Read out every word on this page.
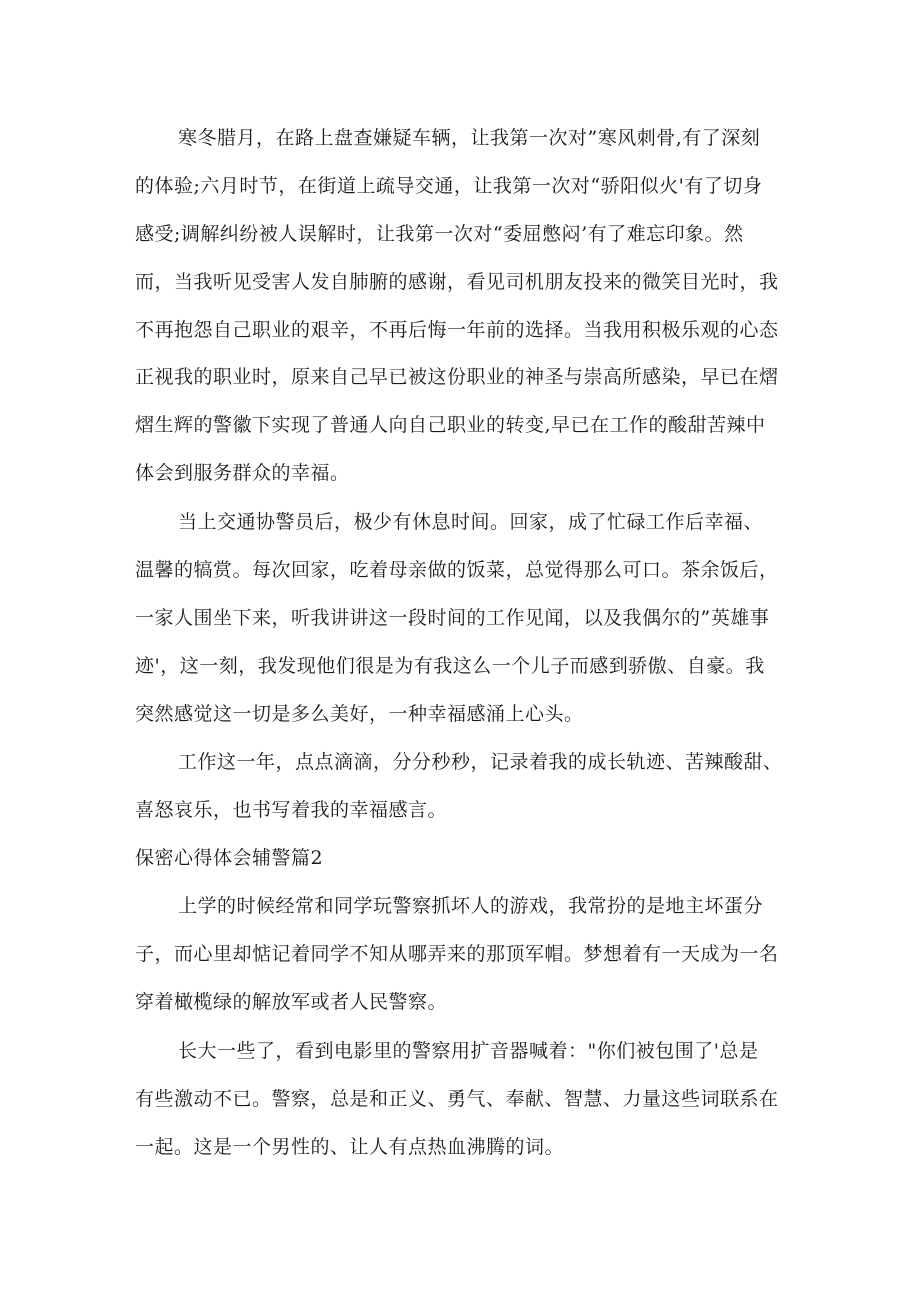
寒冬腊月，在路上盘查嫌疑车辆，让我第一次对”寒风刺骨,有了深刻
的体验;六月时节，在街道上疏导交通，让我第一次对“骄阳似火'有了切身
感受;调解纠纷被人误解时，让我第一次对“委屈憋闷’有了难忘印象。然
而，当我听见受害人发自肺腑的感谢，看见司机朋友投来的微笑目光时，我
不再抱怨自己职业的艰辛，不再后悔一年前的选择。当我用积极乐观的心态
正视我的职业时，原来自己早已被这份职业的神圣与崇高所感染，早已在熠
熠生辉的警徽下实现了普通人向自己职业的转变,早已在工作的酸甜苦辣中
体会到服务群众的幸福。
当上交通协警员后，极少有休息时间。回家，成了忙碌工作后幸福、
温馨的犒赏。每次回家，吃着母亲做的饭菜，总觉得那么可口。茶余饭后，
一家人围坐下来，听我讲讲这一段时间的工作见闻，以及我偶尔的”英雄事
迹'，这一刻，我发现他们很是为有我这么一个儿子而感到骄傲、自豪。我
突然感觉这一切是多么美好，一种幸福感涌上心头。
工作这一年，点点滴滴，分分秒秒，记录着我的成长轨迹、苦辣酸甜、
喜怒哀乐，也书写着我的幸福感言。
保密心得体会辅警篇2
上学的时候经常和同学玩警察抓坏人的游戏，我常扮的是地主坏蛋分
子，而心里却惦记着同学不知从哪弄来的那顶军帽。梦想着有一天成为一名
穿着橄榄绿的解放军或者人民警察。
长大一些了，看到电影里的警察用扩音器喊着："你们被包围了'总是
有些激动不已。警察，总是和正义、勇气、奉献、智慧、力量这些词联系在
一起。这是一个男性的、让人有点热血沸腾的词。
